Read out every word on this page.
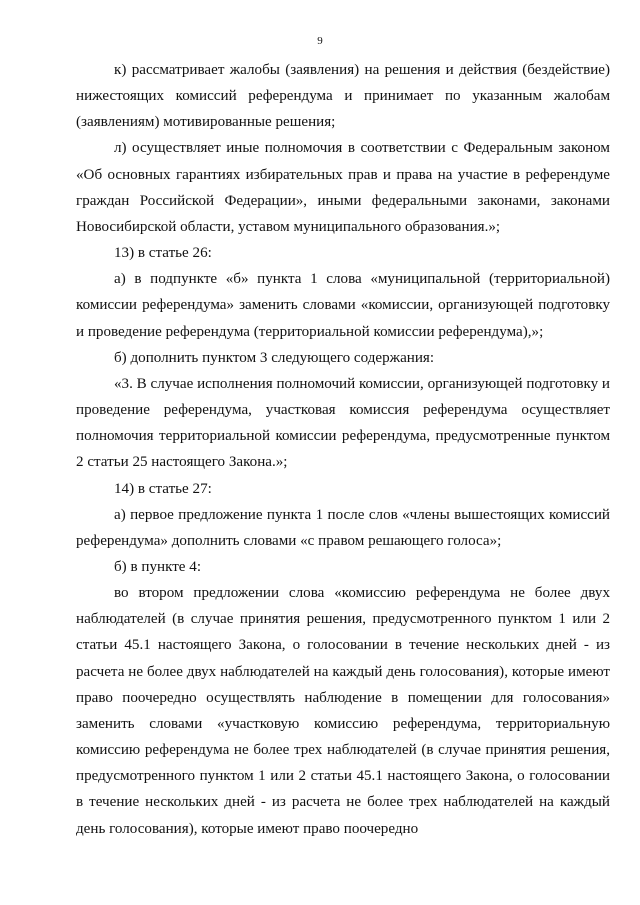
9

к) рассматривает жалобы (заявления) на решения и действия (бездействие) нижестоящих комиссий референдума и принимает по указанным жалобам (заявлениям) мотивированные решения;

л) осуществляет иные полномочия в соответствии с Федеральным законом «Об основных гарантиях избирательных прав и права на участие в референдуме граждан Российской Федерации», иными федеральными законами, законами Новосибирской области, уставом муниципального образования.»;

13) в статье 26:

а) в подпункте «б» пункта 1 слова «муниципальной (территориальной) комиссии референдума» заменить словами «комиссии, организующей подготовку и проведение референдума (территориальной комиссии референдума),»;

б) дополнить пунктом 3 следующего содержания:

«3. В случае исполнения полномочий комиссии, организующей подготовку и проведение референдума, участковая комиссия референдума осуществляет полномочия территориальной комиссии референдума, предусмотренные пунктом 2 статьи 25 настоящего Закона.»;

14) в статье 27:

а) первое предложение пункта 1 после слов «члены вышестоящих комиссий референдума» дополнить словами «с правом решающего голоса»;

б) в пункте 4:

во втором предложении слова «комиссию референдума не более двух наблюдателей (в случае принятия решения, предусмотренного пунктом 1 или 2 статьи 45.1 настоящего Закона, о голосовании в течение нескольких дней - из расчета не более двух наблюдателей на каждый день голосования), которые имеют право поочередно осуществлять наблюдение в помещении для голосования» заменить словами «участковую комиссию референдума, территориальную комиссию референдума не более трех наблюдателей (в случае принятия решения, предусмотренного пунктом 1 или 2 статьи 45.1 настоящего Закона, о голосовании в течение нескольких дней - из расчета не более трех наблюдателей на каждый день голосования), которые имеют право поочередно
